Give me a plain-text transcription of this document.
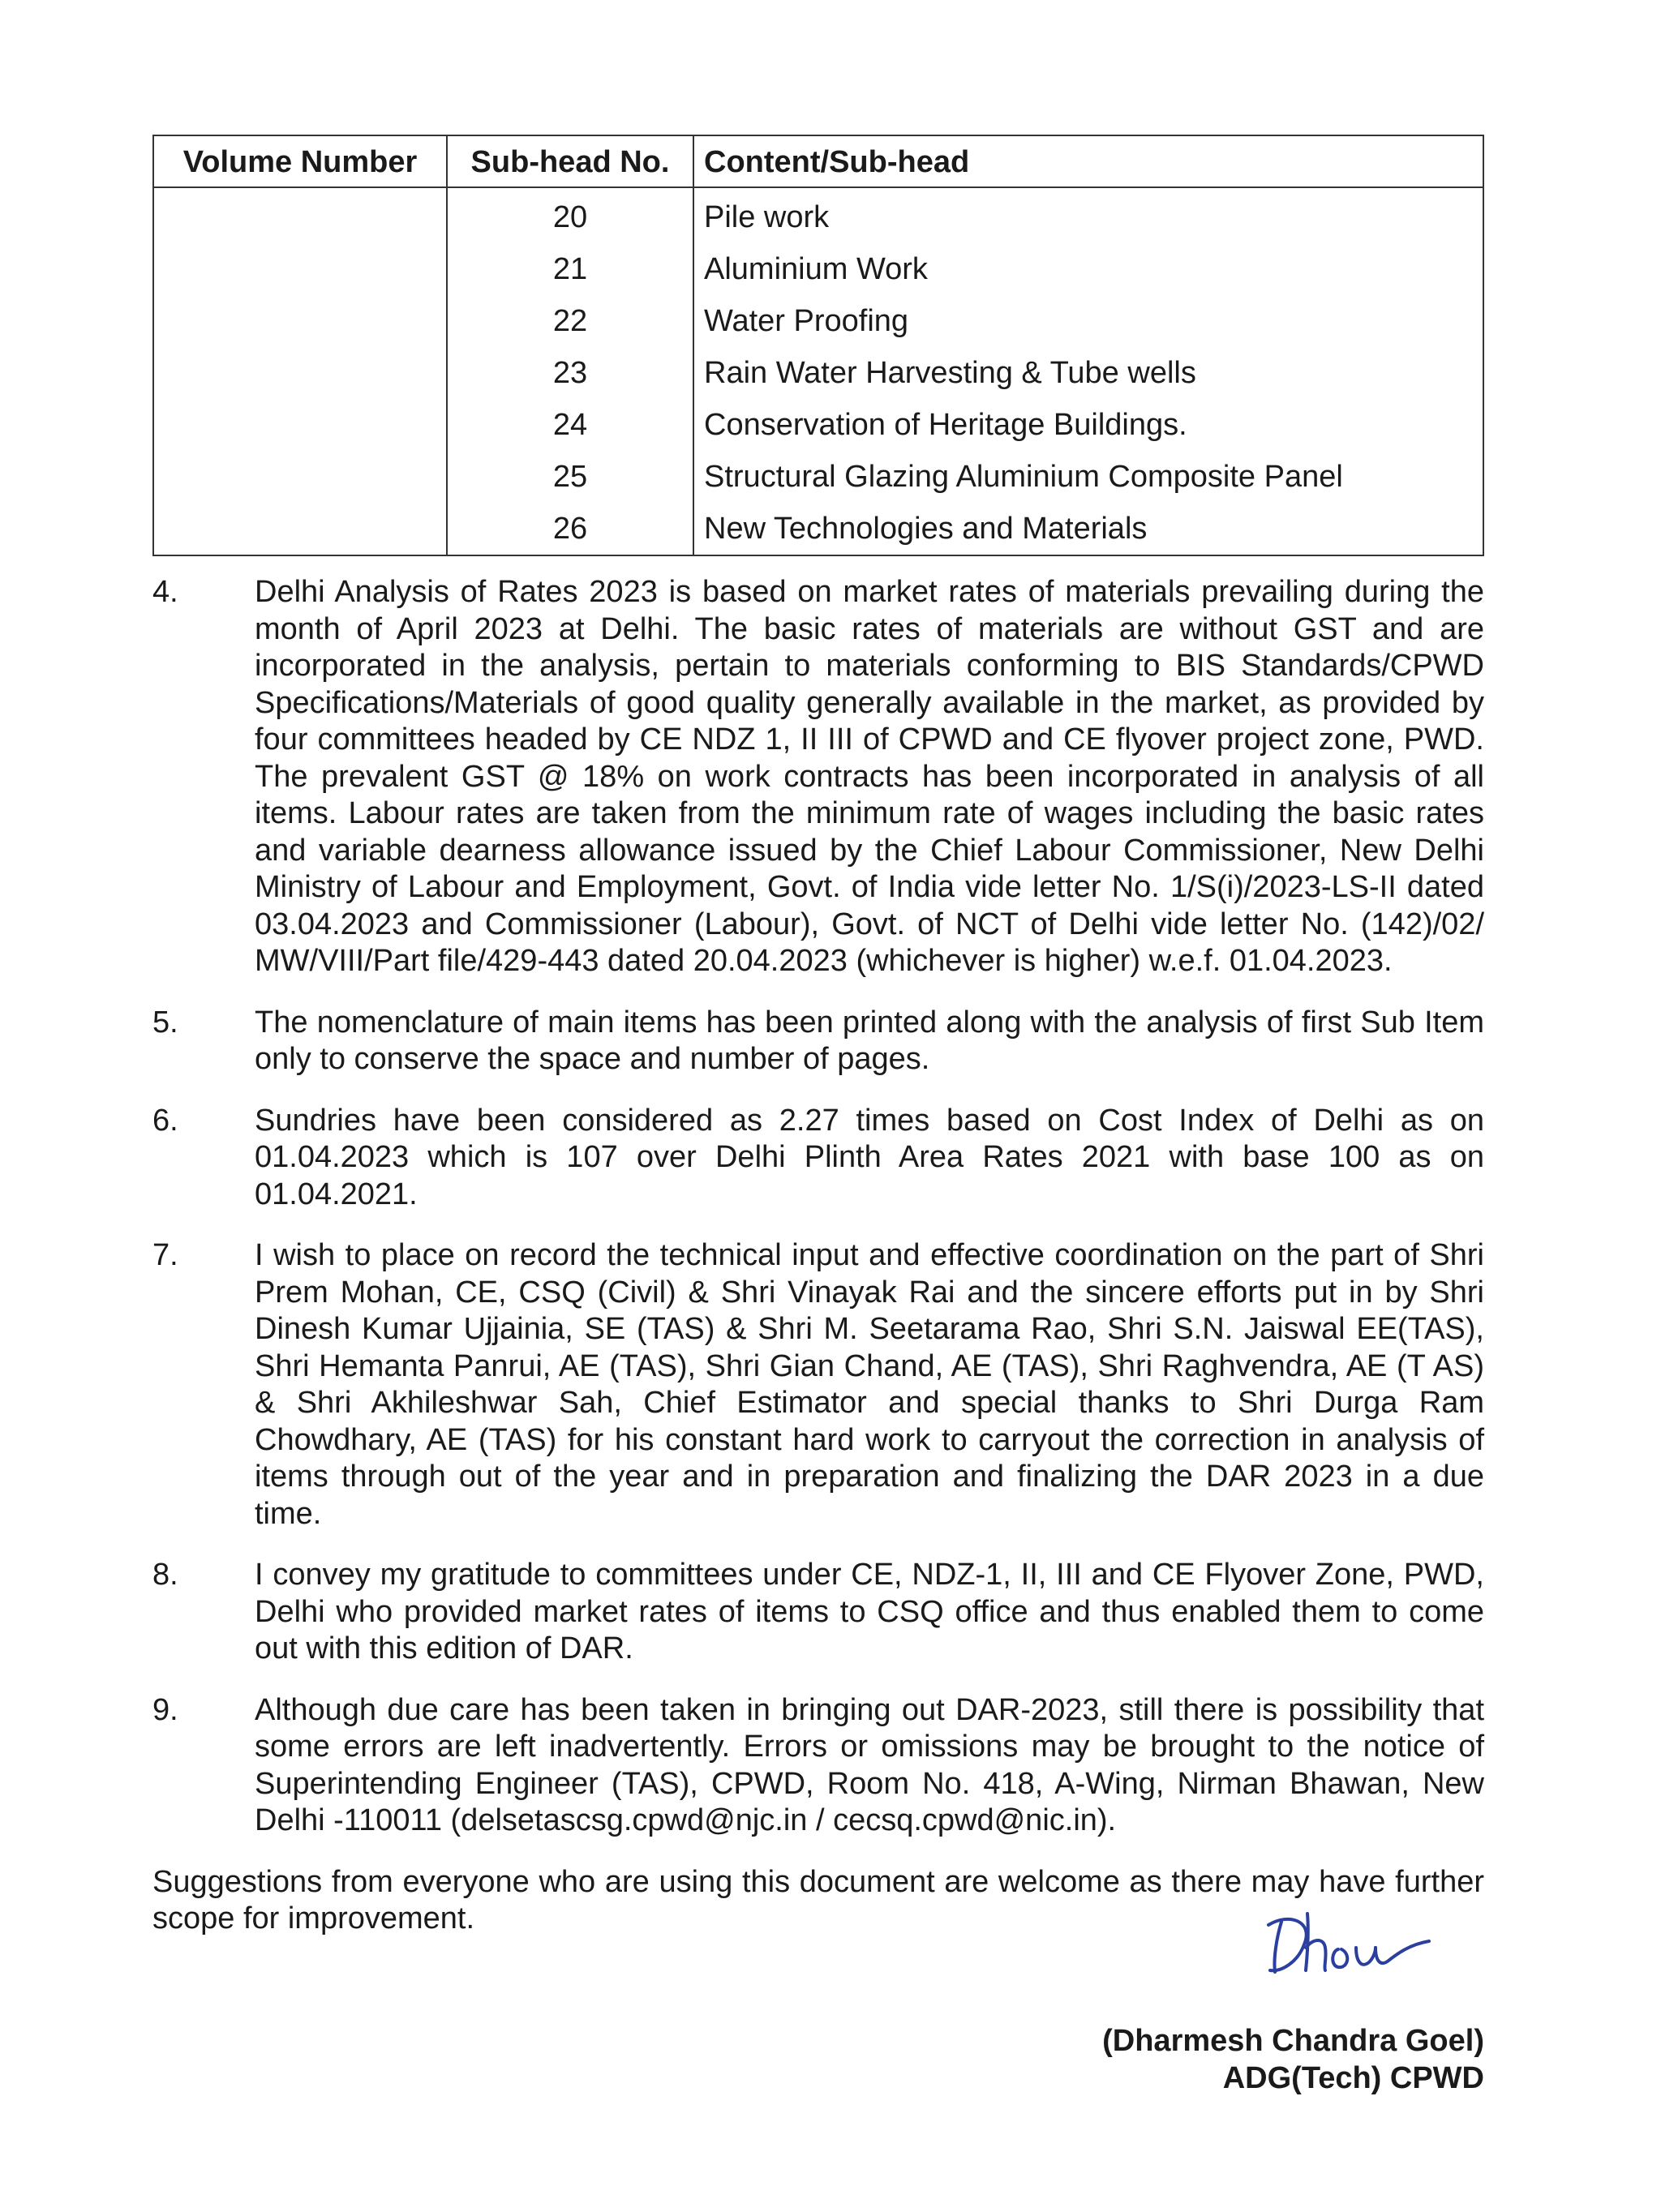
Volume Number	Sub-head No.	Content/Sub-head
	20	Pile work
	21	Aluminium Work
	22	Water Proofing
	23	Rain Water Harvesting & Tube wells
	24	Conservation of Heritage Buildings.
	25	Structural Glazing Aluminium Composite Panel
	26	New Technologies and Materials
4.	Delhi Analysis of Rates 2023 is based on market rates of materials prevailing during the month of April 2023 at Delhi. The basic rates of materials are without GST and are incorporated in the analysis, pertain to materials conforming to BIS Standards/CPWD Specifications/Materials of good quality generally available in the market, as provided by four committees headed by CE NDZ 1, II III of CPWD and CE flyover project zone, PWD. The prevalent GST @ 18% on work contracts has been incorporated in analysis of all items. Labour rates are taken from the minimum rate of wages including the basic rates and variable dearness allowance issued by the Chief Labour Commissioner, New Delhi Ministry of Labour and Employment, Govt. of India vide letter No. 1/S(i)/2023-LS-II dated 03.04.2023 and Commissioner (Labour), Govt. of NCT of Delhi vide letter No. (142)/02/ MW/VIII/Part file/429-443 dated 20.04.2023 (whichever is higher) w.e.f. 01.04.2023.
5.	The nomenclature of main items has been printed along with the analysis of first Sub Item only to conserve the space and number of pages.
6.	Sundries have been considered as 2.27 times based on Cost Index of Delhi as on 01.04.2023 which is 107 over Delhi Plinth Area Rates 2021 with base 100 as on 01.04.2021.
7.	I wish to place on record the technical input and effective coordination on the part of Shri Prem Mohan, CE, CSQ (Civil) & Shri Vinayak Rai and the sincere efforts put in by Shri Dinesh Kumar Ujjainia, SE (TAS) & Shri M. Seetarama Rao, Shri S.N. Jaiswal EE(TAS), Shri Hemanta Panrui, AE (TAS), Shri Gian Chand, AE (TAS), Shri Raghvendra, AE (T AS) & Shri Akhileshwar Sah, Chief Estimator and special thanks to Shri Durga Ram Chowdhary, AE (TAS) for his constant hard work to carryout the correction in analysis of items through out of the year and in preparation and finalizing the DAR 2023 in a due time.
8.	I convey my gratitude to committees under CE, NDZ-1, II, III and CE Flyover Zone, PWD, Delhi who provided market rates of items to CSQ office and thus enabled them to come out with this edition of DAR.
9.	Although due care has been taken in bringing out DAR-2023, still there is possibility that some errors are left inadvertently. Errors or omissions may be brought to the notice of Superintending Engineer (TAS), CPWD, Room No. 418, A-Wing, Nirman Bhawan, New Delhi -110011 (delsetascsg.cpwd@njc.in / cecsq.cpwd@nic.in).
Suggestions from everyone who are using this document are welcome as there may have further scope for improvement.
(Dharmesh Chandra Goel)
ADG(Tech) CPWD
